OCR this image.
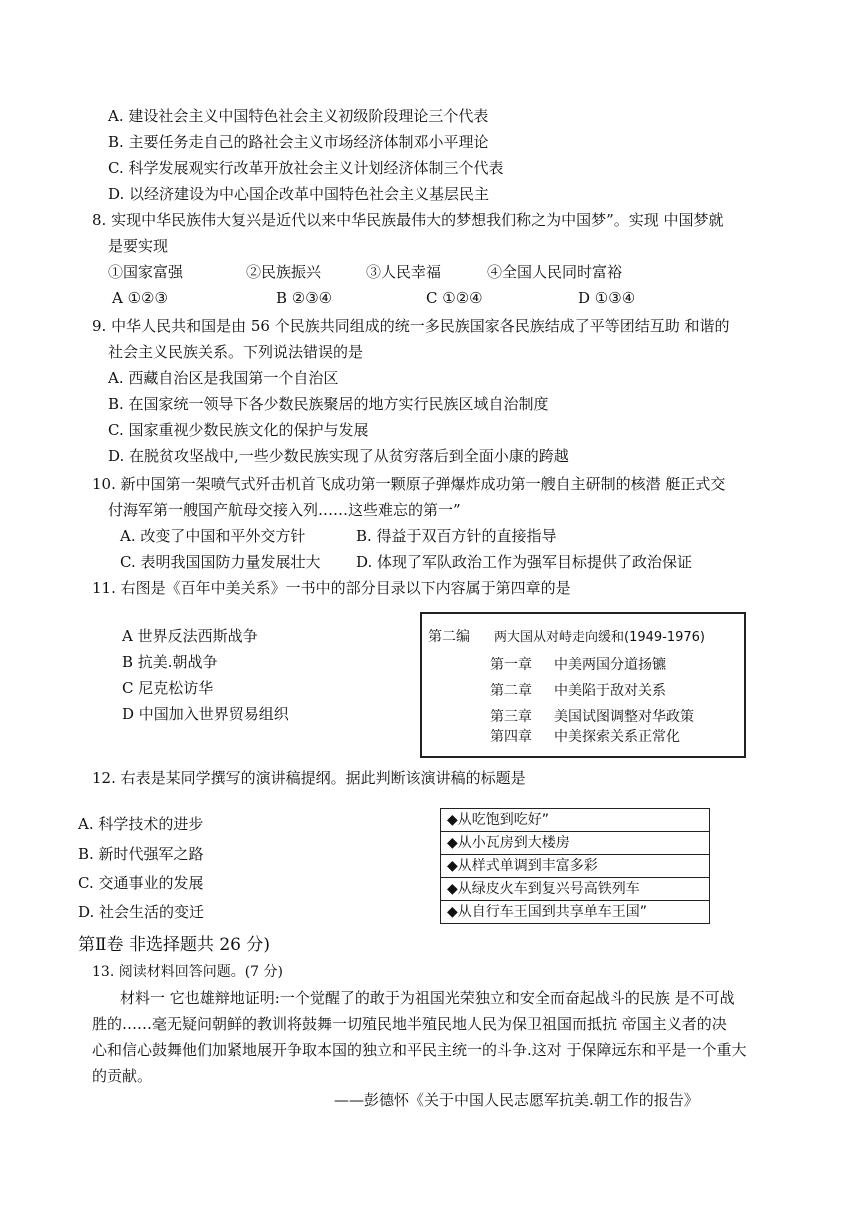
A. 建设社会主义中国特色社会主义初级阶段理论三个代表
B. 主要任务走自己的路社会主义市场经济体制邓小平理论
C. 科学发展观实行改革开放社会主义计划经济体制三个代表
D. 以经济建设为中心国企改革中国特色社会主义基层民主
8. 实现中华民族伟大复兴是近代以来中华民族最伟大的梦想我们称之为中国梦”。实现 中国梦就
是要实现
①国家富强	②民族振兴	③人民幸福	④全国人民同时富裕
A ①②③	B ②③④	C ①②④	D ①③④
9. 中华人民共和国是由 56 个民族共同组成的统一多民族国家各民族结成了平等团结互助 和谐的
社会主义民族关系。下列说法错误的是
A. 西藏自治区是我国第一个自治区
B. 在国家统一领导下各少数民族聚居的地方实行民族区域自治制度
C. 国家重视少数民族文化的保护与发展
D. 在脱贫攻坚战中,一些少数民族实现了从贫穷落后到全面小康的跨越
10. 新中国第一架喷气式歼击机首飞成功第一颗原子弹爆炸成功第一艘自主研制的核潜 艇正式交
付海军第一艘国产航母交接入列……这些难忘的第一”
A. 改变了中国和平外交方针	B. 得益于双百方针的直接指导
C. 表明我国国防力量发展壮大 D. 体现了军队政治工作为强军目标提供了政治保证
11. 右图是《百年中美关系》一书中的部分目录以下内容属于第四章的是
A 世界反法西斯战争
B 抗美.朝战争
C 尼克松访华
D 中国加入世界贸易组织
第二编 两大国从对峙走向缓和(1949-1976)
第一章 中美两国分道扬镳
第二章 中美陷于敌对关系
第三章 美国试图调整对华政策
第四章 中美探索关系正常化
12. 右表是某同学撰写的演讲稿提纲。据此判断该演讲稿的标题是
A. 科学技术的进步
B. 新时代强军之路
C. 交通事业的发展
D. 社会生活的变迁
◆从吃饱到吃好”
◆从小瓦房到大楼房
◆从样式单调到丰富多彩
◆从绿皮火车到复兴号高铁列车
◆从自行车王国到共享单车王国”
第Ⅱ卷 非选择题共 26 分)
13. 阅读材料回答问题。(7 分)
材料一 它也雄辩地证明:一个觉醒了的敢于为祖国光荣独立和安全而奋起战斗的民族 是不可战
胜的……毫无疑问朝鲜的教训将鼓舞一切殖民地半殖民地人民为保卫祖国而抵抗 帝国主义者的决
心和信心鼓舞他们加紧地展开争取本国的独立和平民主统一的斗争.这对 于保障远东和平是一个重大
的贡献。
——彭德怀《关于中国人民志愿军抗美.朝工作的报告》
